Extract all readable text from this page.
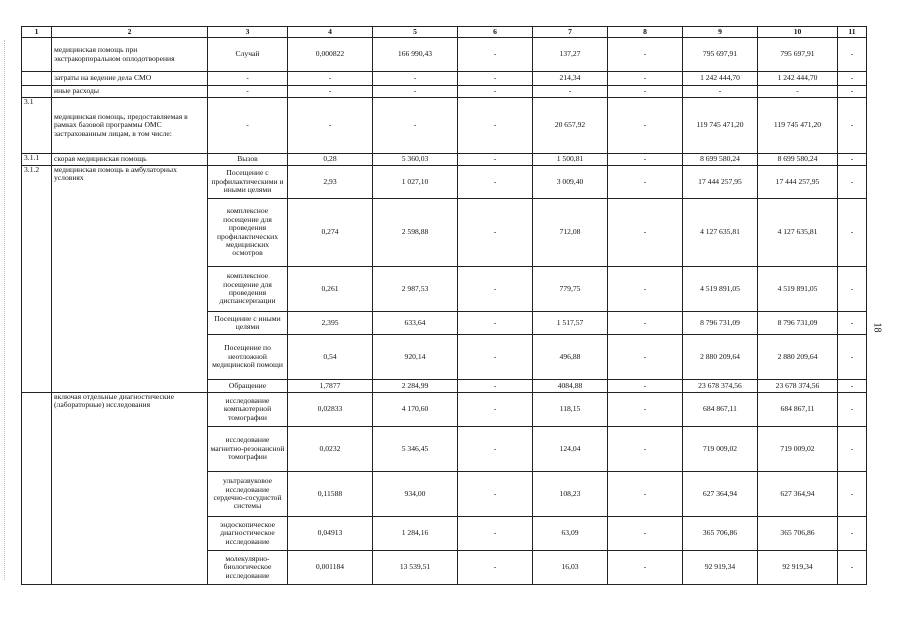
1	2	3	4	5	6	7	8	9	10	11
	медицинская помощь при экстракорпоральном оплодотворения	Случай	0,000822	166 990,43	-	137,27	-	795 697,91	795 697,91	-
	затраты на ведение дела СМО	-	-	-	-	214,34	-	1 242 444,70	1 242 444,70	-
	иные расходы	-	-	-	-	-	-	-	-	-
3.1	медицинская помощь, предоставляемая в рамках базовой программы ОМС застрахованным лицам, в том числе:	-	-	-	-	20 657,92	-	119 745 471,20	119 745 471,20	-
3.1.1	скорая медицинская помощь	Вызов	0,28	5 360,03	-	1 500,81	-	8 699 580,24	8 699 580,24	-
3.1.2	медицинская помощь в амбулаторных условиях	Посещение с профилактическими и иными целями	2,93	1 027,10	-	3 009,40	-	17 444 257,95	17 444 257,95	-
		комплексное посещение для проведения профилактических медицинских осмотров	0,274	2 598,88	-	712,08	-	4 127 635,81	4 127 635,81	-
		комплексное посещение для проведения диспансеризации	0,261	2 987,53	-	779,75	-	4 519 891,05	4 519 891,05	-
		Посещение с иными целями	2,395	633,64	-	1 517,57	-	8 796 731,09	8 796 731,09	-
		Посещение по неотложной медицинской помощи	0,54	920,14	-	496,88	-	2 880 209,64	2 880 209,64	-
		Обращение	1,7877	2 284,99	-	4084,88	-	23 678 374,56	23 678 374,56	-
	включая отдельные диагностические (лабораторные) исследования	исследование компьютерной томографии	0,02833	4 170,60	-	118,15	-	684 867,11	684 867,11	-
		исследование магнитно-резонансной томографии	0,0232	5 346,45	-	124,04	-	719 009,02	719 009,02	-
		ультразвуковое исследование сердечно-сосудистой системы	0,11588	934,00	-	108,23	-	627 364,94	627 364,94	-
		эндоскопическое диагностическое исследование	0,04913	1 284,16	-	63,09	-	365 706,86	365 706,86	-
		молекулярно-биологическое исследование	0,001184	13 539,51	-	16,03	-	92 919,34	92 919,34	-
18
